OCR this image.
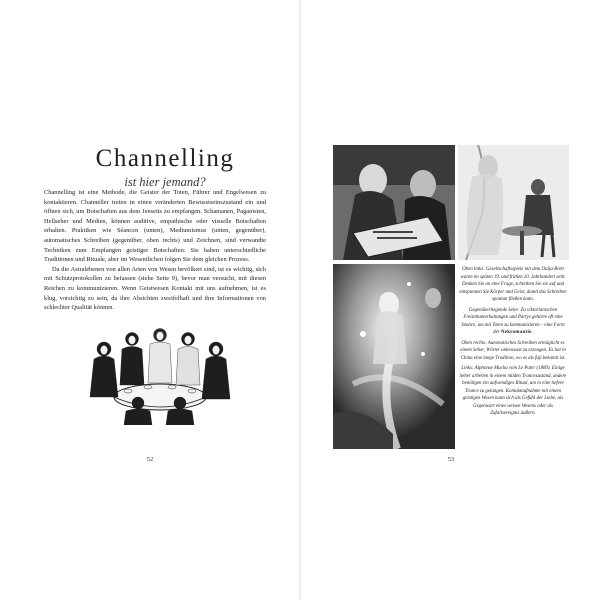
Channelling
ist hier jemand?

Channelling ist eine Methode, die Geister der Toten, Führer und Engelwesen zu kontaktieren. Channeller treten in einen veränderten Bewusstseinszustand ein und öffnen sich, um Botschaften aus dem Jenseits zu empfangen. Schamanen, Paganisten, Hellseher und Medien, können auditive, empathische oder visuelle Botschaften erhalten. Praktiken wie Séancen (unten), Mediumismus (unten, gegenüber), automatisches Schreiben (gegenüber, oben rechts) und Zeichnen, sind verwandte Techniken zum Empfangen geistiger Botschaften. Sie haben unterschiedliche Traditionen und Rituale, aber im Wesentlichen folgen Sie dem gleichen Prozess.

Da die Astralebenen von allen Arten von Wesen bevölkert sind, ist es wichtig, sich mit Schutzprotokollen zu befassen (siehe Seite 9), bevor man versucht, mit diesen Reichen zu kommunizieren. Wenn Geistwesen Kontakt mit uns aufnehmen, ist es klug, vorsichtig zu sein, da ihre Absichten zweifelhaft und ihre Informationen von schlechter Qualität können.

52

Oben links: Gesellschaftsspiele mit dem Ouija-Brett waren im späten 19. und frühen 20. Jahrhundert sehr. Denken Sie an eine Frage, schreiben Sie sie auf und entspannen Sie Körper und Geist, damit das Schreiben spontan fließen kann.

Gegenüberliegende Seite: Zu viktorianischen Freizeitunterhaltungen und Partys gehörte oft eine Séance, um mit Toten zu kommunizieren – eine Form der Nekromantie.

Oben rechts: Automatisches Schreiben ermöglicht es einem Seher, Wörter unbewusst zu erzeugen. Es hat in China eine lange Tradition, wo es als fuji bekannt ist.

Links: Alphonse Mucha vom Le Pater (1889). Einige Seher arbeiten in einem milden Trancezustand, andere benötigen ein aufwendiges Ritual, um in eine tiefere Trance zu gelangen. Kontaktaufnahme mit einem geistigen Wesen kann sich als Gefühl der Liebe, als Gegenwart eines weisen Wesens oder als Zufallsereignis äußern.

53
